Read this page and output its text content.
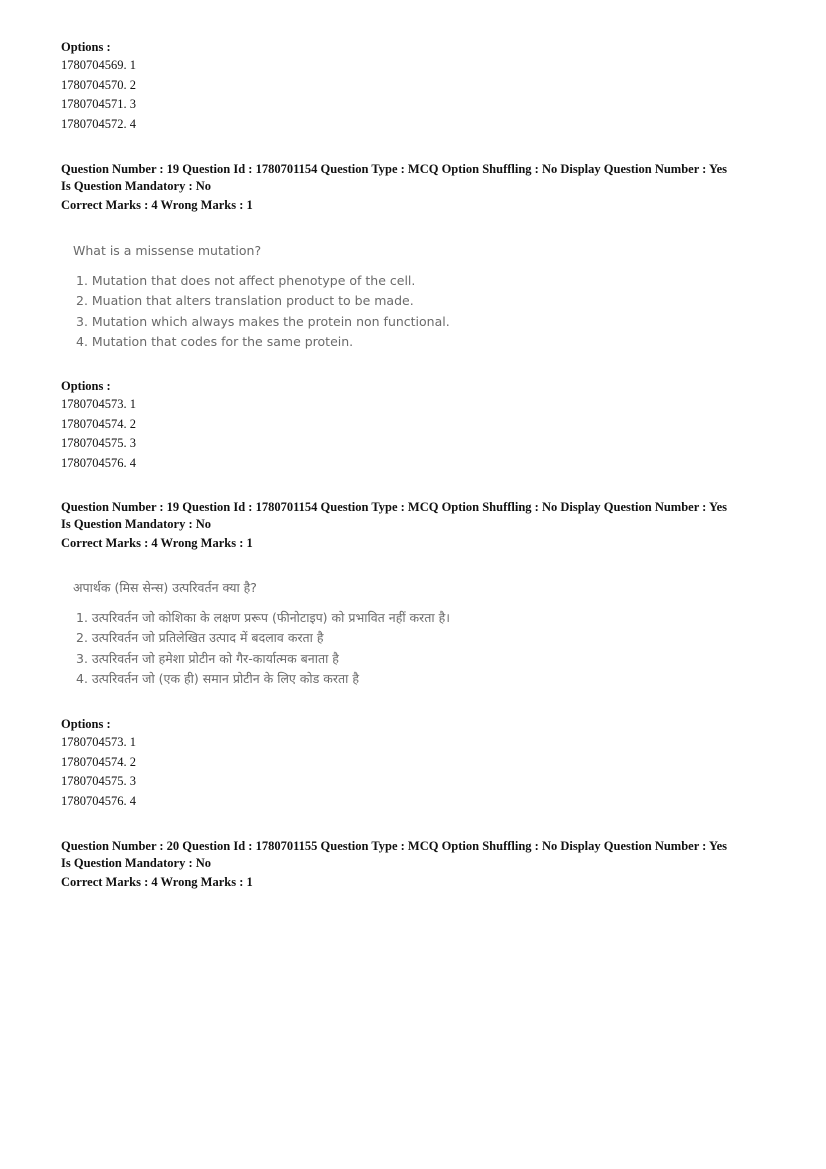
Options :
1780704569. 1
1780704570. 2
1780704571. 3
1780704572. 4
Question Number : 19 Question Id : 1780701154 Question Type : MCQ Option Shuffling : No Display Question Number : Yes
Is Question Mandatory : No
Correct Marks : 4 Wrong Marks : 1
What is a missense mutation?
1. Mutation that does not affect phenotype of the cell.
2. Muation that alters translation product to be made.
3. Mutation which always makes the protein non functional.
4. Mutation that codes for the same protein.
Options :
1780704573. 1
1780704574. 2
1780704575. 3
1780704576. 4
Question Number : 19 Question Id : 1780701154 Question Type : MCQ Option Shuffling : No Display Question Number : Yes
Is Question Mandatory : No
Correct Marks : 4 Wrong Marks : 1
अपार्थक (मिस सेन्स) उत्परिवर्तन क्या है?
1. उत्परिवर्तन जो कोशिका के लक्षण प्ररूप (फीनोटाइप) को प्रभावित नहीं करता है।
2. उत्परिवर्तन जो प्रतिलेखित उत्पाद में बदलाव करता है
3. उत्परिवर्तन जो हमेशा प्रोटीन को गैर-कार्यात्मक बनाता है
4. उत्परिवर्तन जो (एक ही) समान प्रोटीन के लिए कोड करता है
Options :
1780704573. 1
1780704574. 2
1780704575. 3
1780704576. 4
Question Number : 20 Question Id : 1780701155 Question Type : MCQ Option Shuffling : No Display Question Number : Yes
Is Question Mandatory : No
Correct Marks : 4 Wrong Marks : 1
